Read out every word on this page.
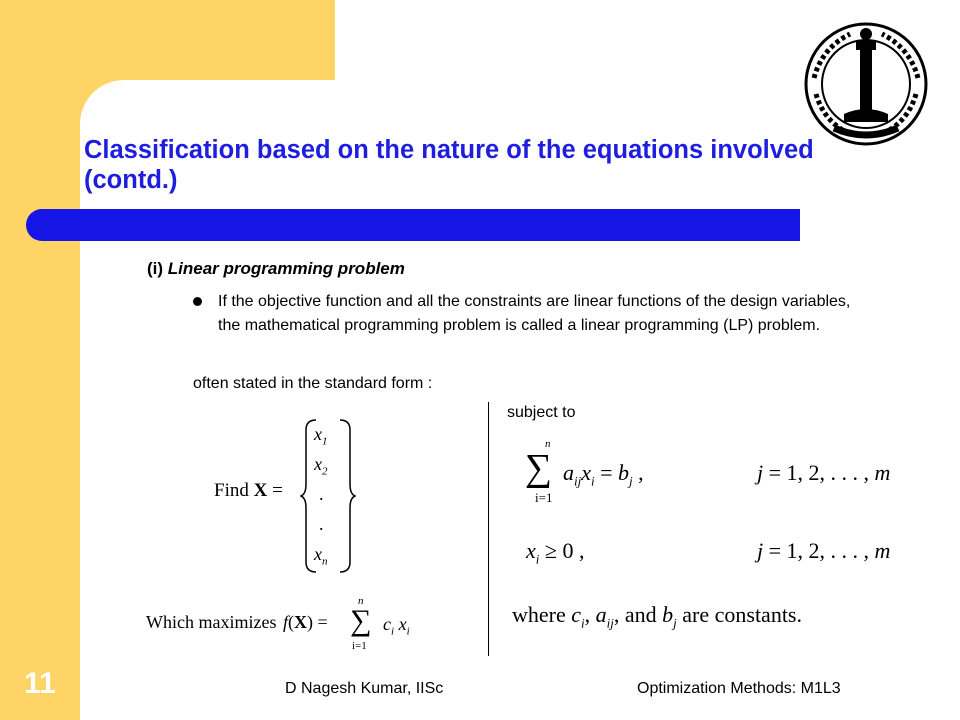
Classification based on the nature of the equations involved (contd.)
(i) Linear programming problem
If the objective function and all the constraints are linear functions of the design variables, the mathematical programming problem is called a linear programming (LP) problem.
often stated in the standard form :
subject to
Find X =
$x_1$
$x_2$
.
.
$x_n$
Which maximizes f(X) =
n
∑
i=1
$c_i$ $x_i$
n
∑
i=1
$a_{ij}x_i = b_j$ ,	j = 1, 2, . . . , m
$x_i \ge 0$ ,	j = 1, 2, . . . , m
where $c_i$, $a_{ij}$, and $b_j$ are constants.
11	D Nagesh Kumar, IISc	Optimization Methods: M1L3
